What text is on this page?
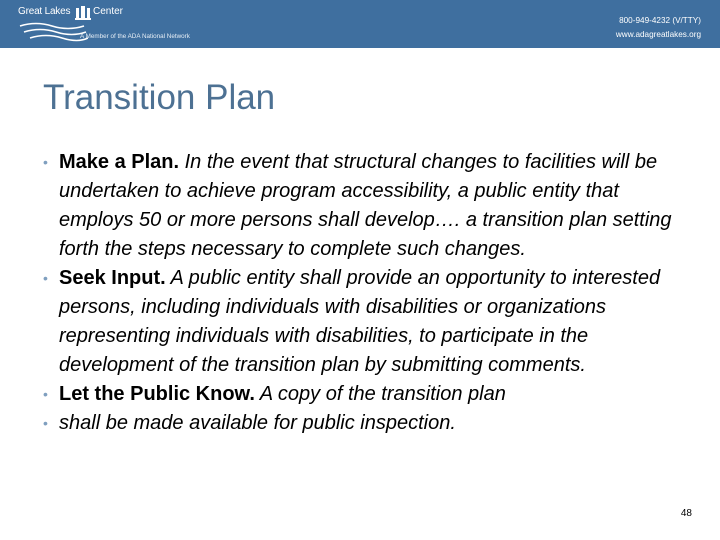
Great Lakes Center
A Member of the ADA National Network
800-949-4232 (V/TTY)
www.adagreatlakes.org
Transition Plan
• Make a Plan. In the event that structural changes to facilities will be undertaken to achieve program accessibility, a public entity that employs 50 or more persons shall develop…. a transition plan setting forth the steps necessary to complete such changes.
• Seek Input. A public entity shall provide an opportunity to interested persons, including individuals with disabilities or organizations representing individuals with disabilities, to participate in the development of the transition plan by submitting comments.
• Let the Public Know. A copy of the transition plan
• shall be made available for public inspection.
48
